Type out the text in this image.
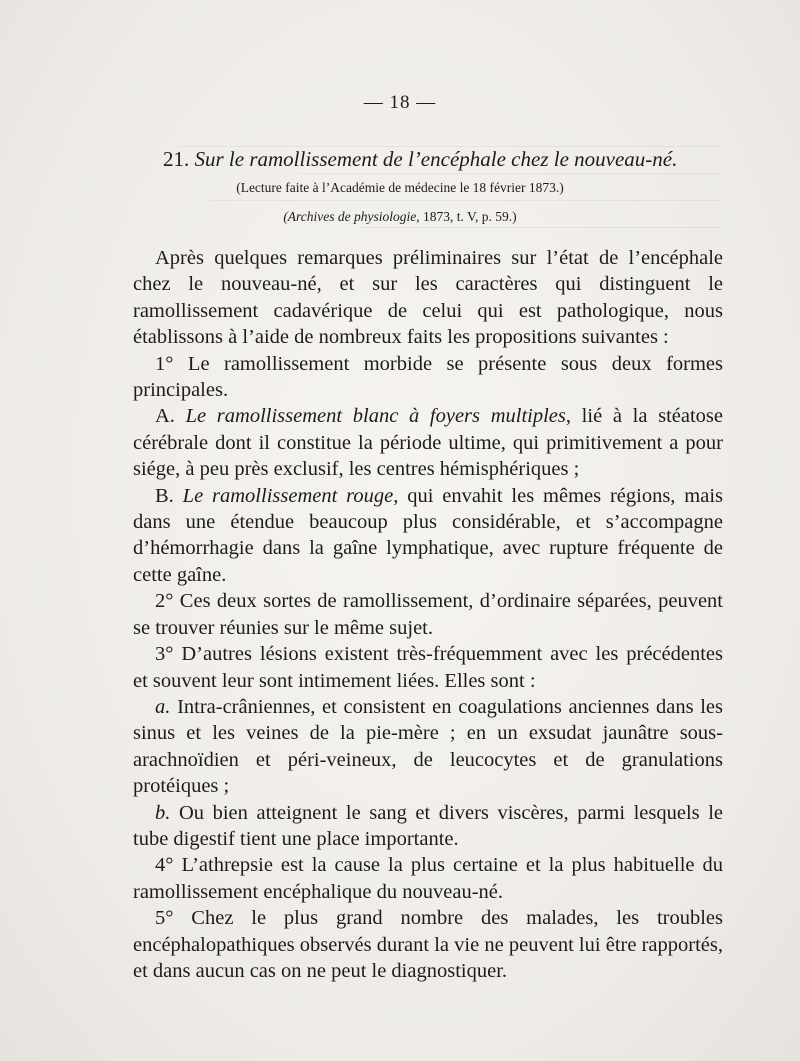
— 18 —
21. Sur le ramollissement de l’encéphale chez le nouveau-né.
(Lecture faite à l’Académie de médecine le 18 février 1873.)
(Archives de physiologie, 1873, t. V, p. 59.)

Après quelques remarques préliminaires sur l’état de l’encéphale chez le nouveau-né, et sur les caractères qui distinguent le ramollissement cadavérique de celui qui est pathologique, nous établissons à l’aide de nombreux faits les propositions suivantes :

1° Le ramollissement morbide se présente sous deux formes principales.

A. Le ramollissement blanc à foyers multiples, lié à la stéatose cérébrale dont il constitue la période ultime, qui primitivement a pour siége, à peu près exclusif, les centres hémisphériques ;

B. Le ramollissement rouge, qui envahit les mêmes régions, mais dans une étendue beaucoup plus considérable, et s’accompagne d’hémorrhagie dans la gaîne lymphatique, avec rupture fréquente de cette gaîne.

2° Ces deux sortes de ramollissement, d’ordinaire séparées, peuvent se trouver réunies sur le même sujet.

3° D’autres lésions existent très-fréquemment avec les précédentes et souvent leur sont intimement liées. Elles sont :

a. Intra-crâniennes, et consistent en coagulations anciennes dans les sinus et les veines de la pie-mère ; en un exsudat jaunâtre sous-arachnoïdien et péri-veineux, de leucocytes et de granulations protéiques ;

b. Ou bien atteignent le sang et divers viscères, parmi lesquels le tube digestif tient une place importante.

4° L’athrepsie est la cause la plus certaine et la plus habituelle du ramollissement encéphalique du nouveau-né.

5° Chez le plus grand nombre des malades, les troubles encéphalopathiques observés durant la vie ne peuvent lui être rapportés, et dans aucun cas on ne peut le diagnostiquer.
